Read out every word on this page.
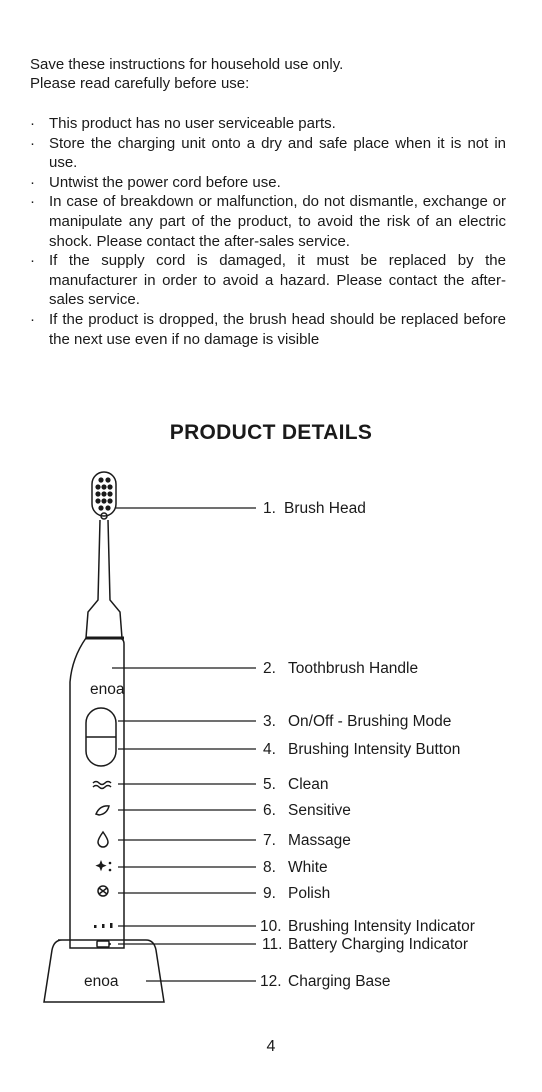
Save these instructions for household use only.
Please read carefully before use:
· This product has no user serviceable parts.
· Store the charging unit onto a dry and safe place when it is not in use.
· Untwist the power cord before use.
· In case of breakdown or malfunction, do not dismantle, exchange or manipulate any part of the product, to avoid the risk of an electric shock. Please contact the after-sales service.
· If the supply cord is damaged, it must be replaced by the manufacturer in order to avoid a hazard. Please contact the after-sales service.
· If the product is dropped, the brush head should be replaced before the next use even if no damage is visible
PRODUCT DETAILS
enoa
enoa
1. Brush Head
2. Toothbrush Handle
3. On/Off - Brushing Mode
4. Brushing Intensity Button
5. Clean
6. Sensitive
7. Massage
8. White
9. Polish
10. Brushing Intensity Indicator
11. Battery Charging Indicator
12. Charging Base
4
